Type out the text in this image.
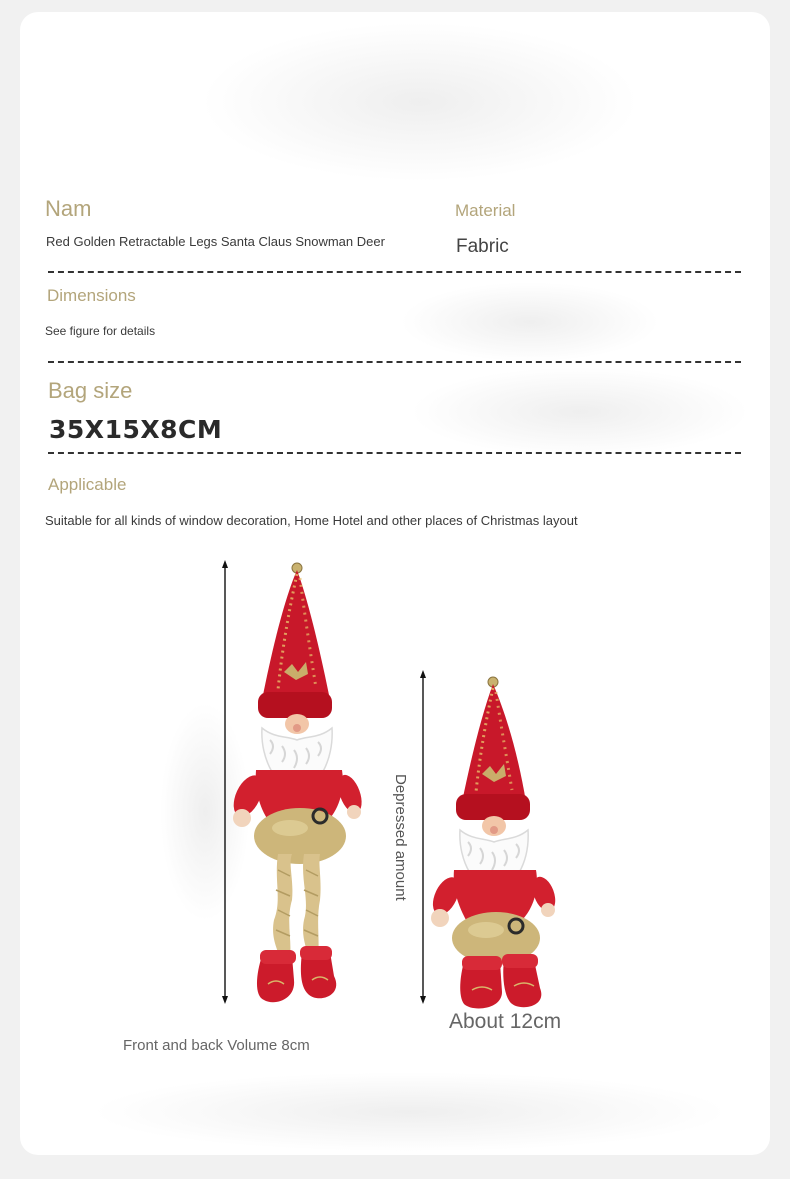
Nam
Red Golden Retractable Legs Santa Claus Snowman Deer
Material
Fabric
Dimensions
See figure for details
Bag size
35X15X8CM
Applicable
Suitable for all kinds of window decoration, Home Hotel and other places of Christmas layout
Front and back Volume 8cm
Depressed amount
About 12cm
